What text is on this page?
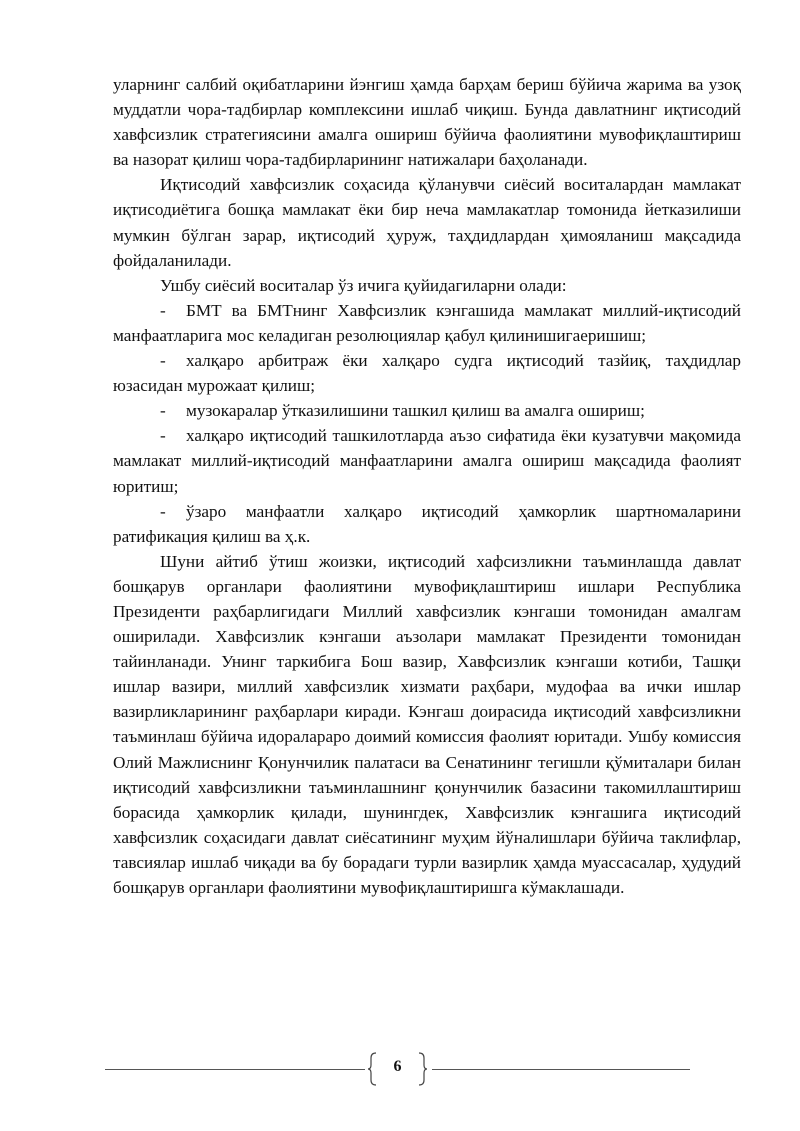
уларнинг салбий оқибатларини йэнгиш ҳамда барҳам бериш бўйича жарима ва узоқ муддатли чора-тадбирлар комплексини ишлаб чиқиш. Бунда давлатнинг иқтисодий хавфсизлик стратегиясини амалга ошириш бўйича фаолиятини мувофиқлаштириш ва назорат қилиш чора-тадбирларининг натижалари баҳоланади.

Иқтисодий хавфсизлик соҳасида қўланувчи сиёсий воситалардан мамлакат иқтисодиётига бошқа мамлакат ёки бир неча мамлакатлар томонида йетказилиши мумкин бўлган зарар, иқтисодий ҳуруж, таҳдидлардан ҳимояланиш мақсадида фойдаланилади.

Ушбу сиёсий воситалар ўз ичига қуйидагиларни олади:

- БМТ ва БМТнинг Хавфсизлик кэнгашида мамлакат миллий-иқтисодий манфаатларига мос келадиган резолюциялар қабул қилинишигаеришиш;

- халқаро арбитраж ёки халқаро судга иқтисодий тазйиқ, таҳдидлар юзасидан мурожаат қилиш;

- музокаралар ўтказилишини ташкил қилиш ва амалга ошириш;

- халқаро иқтисодий ташкилотларда аъзо сифатида ёки кузатувчи мақомида мамлакат миллий-иқтисодий манфаатларини амалга ошириш мақсадида фаолият юритиш;

- ўзаро манфаатли халқаро иқтисодий ҳамкорлик шартномаларини ратификация қилиш ва ҳ.к.

Шуни айтиб ўтиш жоизки, иқтисодий хафсизликни таъминлашда давлат бошқарув органлари фаолиятини мувофиқлаштириш ишлари Республика Президенти раҳбарлигидаги Миллий хавфсизлик кэнгаши томонидан амалгам оширилади. Хавфсизлик кэнгаши аъзолари мамлакат Президенти томонидан тайинланади. Унинг таркибига Бош вазир, Хавфсизлик кэнгаши котиби, Ташқи ишлар вазири, миллий хавфсизлик хизмати раҳбари, мудофаа ва ички ишлар вазирликларининг раҳбарлари киради. Кэнгаш доирасида иқтисодий хавфсизликни таъминлаш бўйича идоралараро доимий комиссия фаолият юритади. Ушбу комиссия Олий Мажлиснинг Қонунчилик палатаси ва Сенатининг тегишли қўмиталари билан иқтисодий хавфсизликни таъминлашнинг қонунчилик базасини такомиллаштириш борасида ҳамкорлик қилади, шунингдек, Хавфсизлик кэнгашига иқтисодий хавфсизлик соҳасидаги давлат сиёсатининг муҳим йўналишлари бўйича таклифлар, тавсиялар ишлаб чиқади ва бу борадаги турли вазирлик ҳамда муассасалар, ҳудудий бошқарув органлари фаолиятини мувофиқлаштиришга кўмаклашади.

6
